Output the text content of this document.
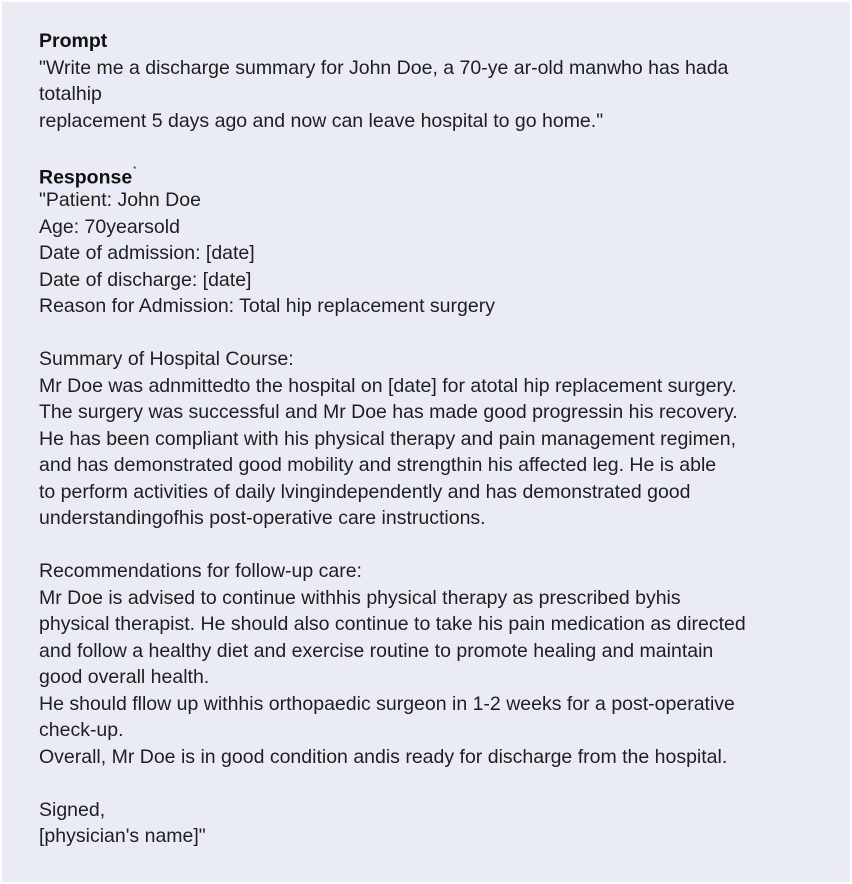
Prompt
"Write me a discharge summary for John Doe, a 70-ye ar-old manwho has hada
totalhip
replacement 5 days ago and now can leave hospital to go home."
Response*
"Patient: John Doe
Age: 70yearsold
Date of admission: [date]
Date of discharge: [date]
Reason for Admission: Total hip replacement surgery
Summary of Hospital Course:
Mr Doe was adnmittedto the hospital on [date] for atotal hip replacement surgery.
The surgery was successful and Mr Doe has made good progressin his recovery.
He has been compliant with his physical therapy and pain management regimen,
and has demonstrated good mobility and strengthin his affected leg. He is able
to perform activities of daily lvingindependently and has demonstrated good
understandingofhis post-operative care instructions.
Recommendations for follow-up care:
Mr Doe is advised to continue withhis physical therapy as prescribed byhis
physical therapist. He should also continue to take his pain medication as directed
and follow a healthy diet and exercise routine to promote healing and maintain
good overall health.
He should fllow up withhis orthopaedic surgeon in 1-2 weeks for a post-operative
check-up.
Overall, Mr Doe is in good condition andis ready for discharge from the hospital.
Signed,
[physician's name]"
